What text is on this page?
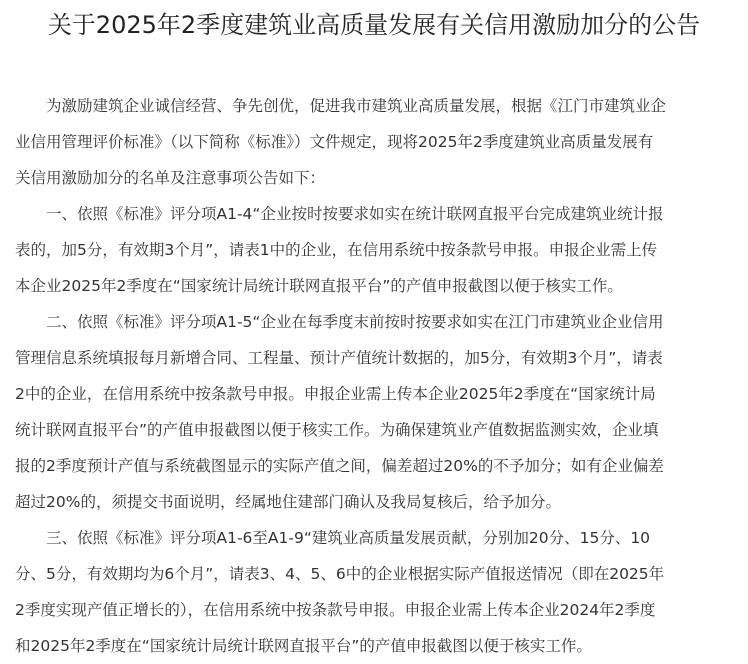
关于2025年2季度建筑业高质量发展有关信用激励加分的公告
　　为激励建筑企业诚信经营、争先创优，促进我市建筑业高质量发展，根据《江门市建筑业企
业信用管理评价标准》（以下简称《标准》）文件规定，现将2025年2季度建筑业高质量发展有
关信用激励加分的名单及注意事项公告如下：
　　一、依照《标准》评分项A1-4“企业按时按要求如实在统计联网直报平台完成建筑业统计报
表的，加5分，有效期3个月”，请表1中的企业，在信用系统中按条款号申报。申报企业需上传
本企业2025年2季度在“国家统计局统计联网直报平台”的产值申报截图以便于核实工作。
　　二、依照《标准》评分项A1-5“企业在每季度末前按时按要求如实在江门市建筑业企业信用
管理信息系统填报每月新增合同、工程量、预计产值统计数据的，加5分，有效期3个月”，请表
2中的企业，在信用系统中按条款号申报。申报企业需上传本企业2025年2季度在“国家统计局
统计联网直报平台”的产值申报截图以便于核实工作。为确保建筑业产值数据监测实效，企业填
报的2季度预计产值与系统截图显示的实际产值之间，偏差超过20%的不予加分；如有企业偏差
超过20%的，须提交书面说明，经属地住建部门确认及我局复核后，给予加分。
　　三、依照《标准》评分项A1-6至A1-9“建筑业高质量发展贡献，分别加20分、15分、10
分、5分，有效期均为6个月”，请表3、4、5、6中的企业根据实际产值报送情况（即在2025年
2季度实现产值正增长的），在信用系统中按条款号申报。申报企业需上传本企业2024年2季度
和2025年2季度在“国家统计局统计联网直报平台”的产值申报截图以便于核实工作。
